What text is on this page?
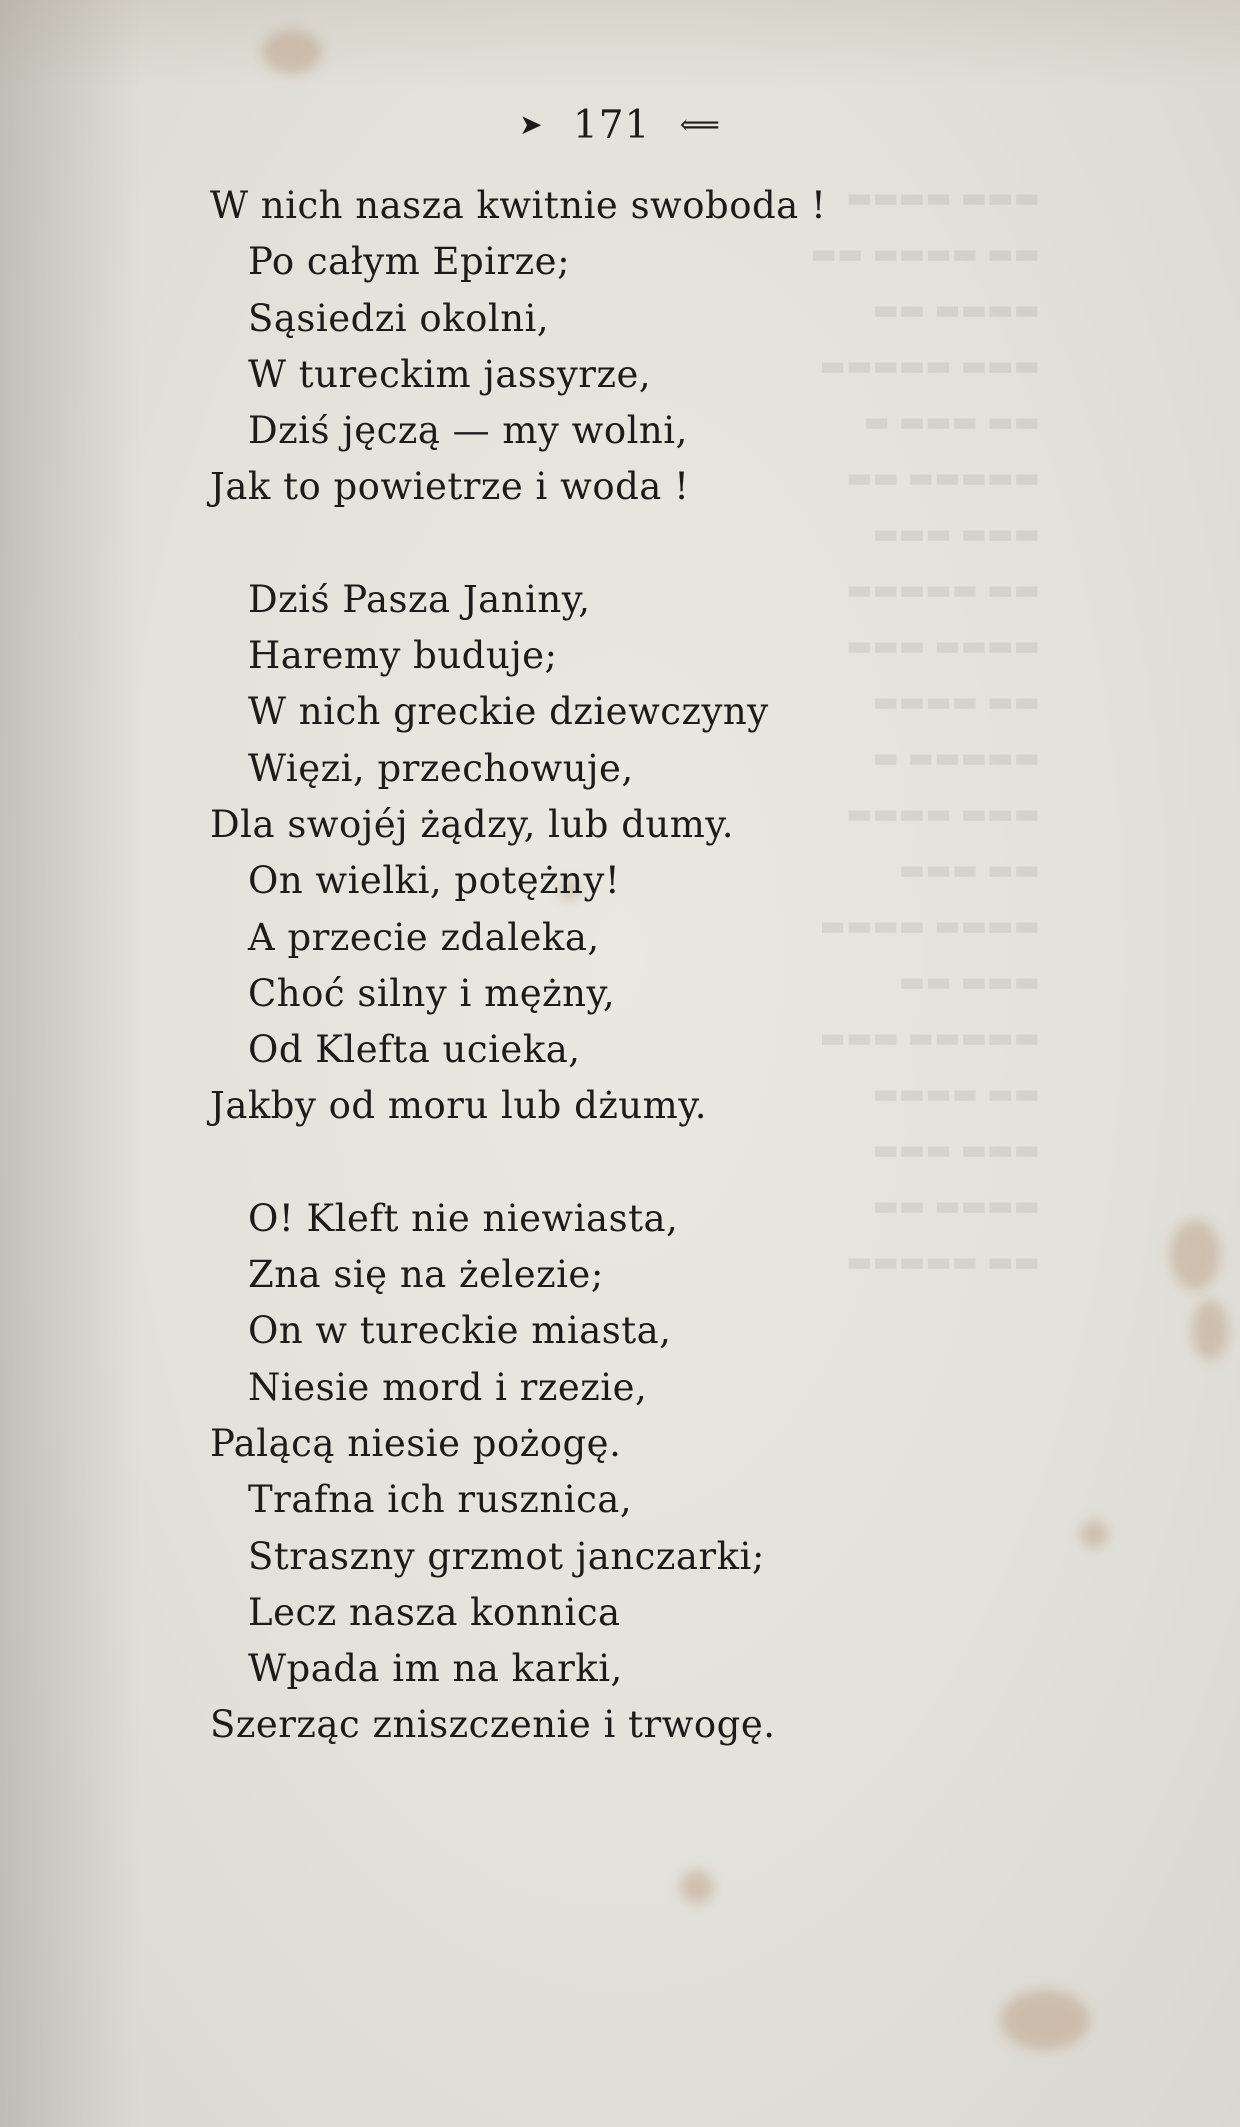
▬▬▬ ▬▬▬▬
▬▬ ▬▬▬▬ ▬▬
▬▬▬▬ ▬▬
▬▬▬ ▬▬▬▬▬
▬▬ ▬▬▬ ▬
▬▬▬▬▬ ▬▬
▬▬▬ ▬▬▬
▬▬ ▬▬▬▬▬
▬▬▬▬ ▬▬▬
▬▬ ▬▬▬▬
▬▬▬▬▬ ▬
▬▬▬ ▬▬▬▬
▬▬ ▬▬▬
▬▬▬▬ ▬▬▬▬
▬▬▬ ▬▬
▬▬▬▬▬ ▬▬▬
▬▬ ▬▬▬▬
▬▬▬ ▬▬▬
▬▬▬▬ ▬▬
▬▬ ▬▬▬▬▬
➤ 171 ⟸
W nich nasza kwitnie swoboda !
Po całym Epirze;
Sąsiedzi okolni,
W tureckim jassyrze,
Dziś jęczą — my wolni,
Jak to powietrze i woda !
Dziś Pasza Janiny,
Haremy buduje;
W nich greckie dziewczyny
Więzi, przechowuje,
Dla swojéj żądzy, lub dumy.
On wielki, potężny!
A przecie zdaleka,
Choć silny i mężny,
Od Klefta ucieka,
Jakby od moru lub dżumy.
O! Kleft nie niewiasta,
Zna się na żelezie;
On w tureckie miasta,
Niesie mord i rzezie,
Palącą niesie pożogę.
Trafna ich rusznica,
Straszny grzmot janczarki;
Lecz nasza konnica
Wpada im na karki,
Szerząc zniszczenie i trwogę.
